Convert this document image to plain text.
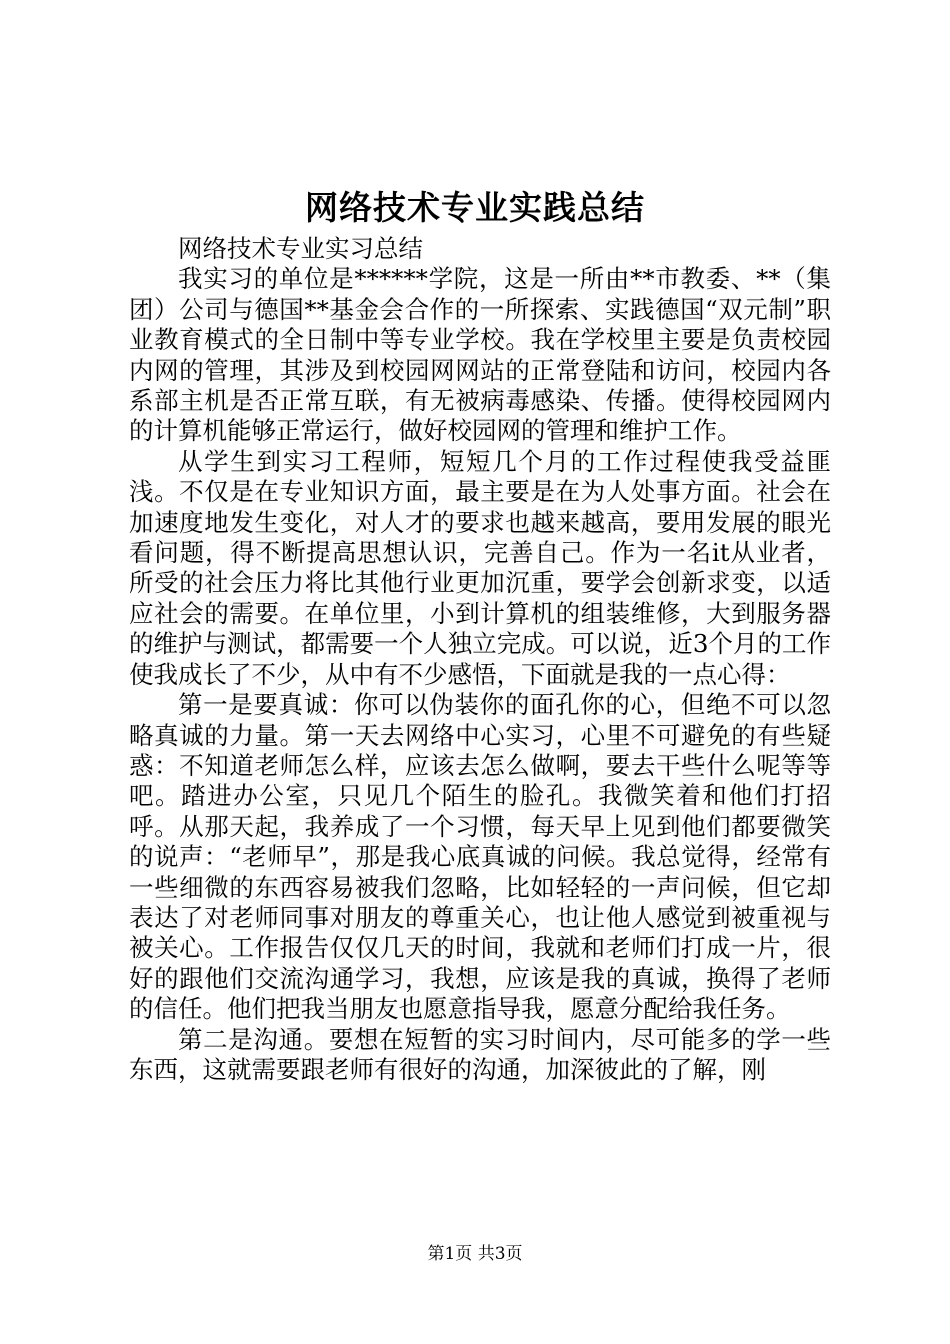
网络技术专业实践总结

网络技术专业实习总结

我实习的单位是******学院，这是一所由**市教委、**（集团）公司与德国**基金会合作的一所探索、实践德国“双元制”职业教育模式的全日制中等专业学校。我在学校里主要是负责校园内网的管理，其涉及到校园网网站的正常登陆和访问，校园内各系部主机是否正常互联，有无被病毒感染、传播。使得校园网内的计算机能够正常运行，做好校园网的管理和维护工作。

从学生到实习工程师，短短几个月的工作过程使我受益匪浅。不仅是在专业知识方面，最主要是在为人处事方面。社会在加速度地发生变化，对人才的要求也越来越高，要用发展的眼光看问题，得不断提高思想认识，完善自己。作为一名it从业者，所受的社会压力将比其他行业更加沉重，要学会创新求变，以适应社会的需要。在单位里，小到计算机的组装维修，大到服务器的维护与测试，都需要一个人独立完成。可以说，近3个月的工作使我成长了不少，从中有不少感悟，下面就是我的一点心得：

第一是要真诚：你可以伪装你的面孔你的心，但绝不可以忽略真诚的力量。第一天去网络中心实习，心里不可避免的有些疑惑：不知道老师怎么样，应该去怎么做啊，要去干些什么呢等等吧。踏进办公室，只见几个陌生的脸孔。我微笑着和他们打招呼。从那天起，我养成了一个习惯，每天早上见到他们都要微笑的说声：“老师早”，那是我心底真诚的问候。我总觉得，经常有一些细微的东西容易被我们忽略，比如轻轻的一声问候，但它却表达了对老师同事对朋友的尊重关心，也让他人感觉到被重视与被关心。工作报告仅仅几天的时间，我就和老师们打成一片，很好的跟他们交流沟通学习，我想，应该是我的真诚，换得了老师的信任。他们把我当朋友也愿意指导我，愿意分配给我任务。

第二是沟通。要想在短暂的实习时间内，尽可能多的学一些东西，这就需要跟老师有很好的沟通，加深彼此的了解，刚

第1页 共3页
